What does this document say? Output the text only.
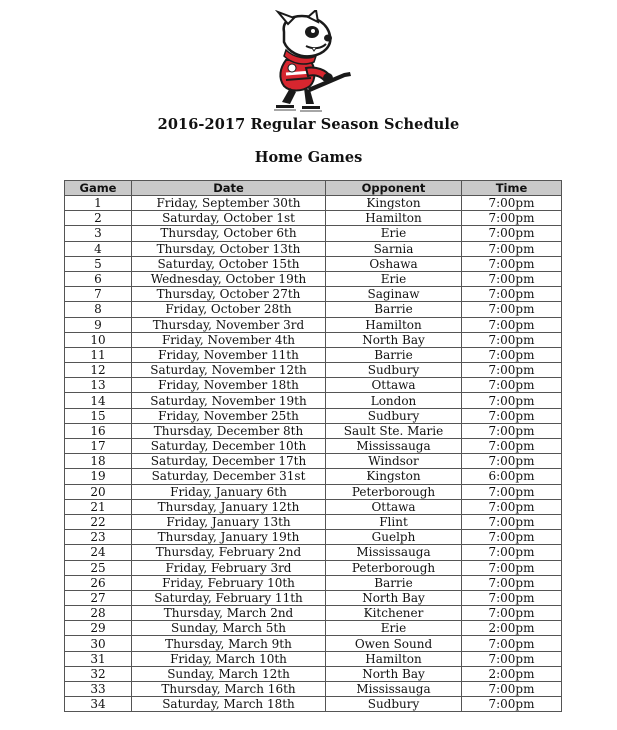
2016-2017 Regular Season Schedule
Home Games
Game	Date	Opponent	Time
1	Friday, September 30th	Kingston	7:00pm
2	Saturday, October 1st	Hamilton	7:00pm
3	Thursday, October 6th	Erie	7:00pm
4	Thursday, October 13th	Sarnia	7:00pm
5	Saturday, October 15th	Oshawa	7:00pm
6	Wednesday, October 19th	Erie	7:00pm
7	Thursday, October 27th	Saginaw	7:00pm
8	Friday, October 28th	Barrie	7:00pm
9	Thursday, November 3rd	Hamilton	7:00pm
10	Friday, November 4th	North Bay	7:00pm
11	Friday, November 11th	Barrie	7:00pm
12	Saturday, November 12th	Sudbury	7:00pm
13	Friday, November 18th	Ottawa	7:00pm
14	Saturday, November 19th	London	7:00pm
15	Friday, November 25th	Sudbury	7:00pm
16	Thursday, December 8th	Sault Ste. Marie	7:00pm
17	Saturday, December 10th	Mississauga	7:00pm
18	Saturday, December 17th	Windsor	7:00pm
19	Saturday, December 31st	Kingston	6:00pm
20	Friday, January 6th	Peterborough	7:00pm
21	Thursday, January 12th	Ottawa	7:00pm
22	Friday, January 13th	Flint	7:00pm
23	Thursday, January 19th	Guelph	7:00pm
24	Thursday, February 2nd	Mississauga	7:00pm
25	Friday, February 3rd	Peterborough	7:00pm
26	Friday, February 10th	Barrie	7:00pm
27	Saturday, February 11th	North Bay	7:00pm
28	Thursday, March 2nd	Kitchener	7:00pm
29	Sunday, March 5th	Erie	2:00pm
30	Thursday, March 9th	Owen Sound	7:00pm
31	Friday, March 10th	Hamilton	7:00pm
32	Sunday, March 12th	North Bay	2:00pm
33	Thursday, March 16th	Mississauga	7:00pm
34	Saturday, March 18th	Sudbury	7:00pm
